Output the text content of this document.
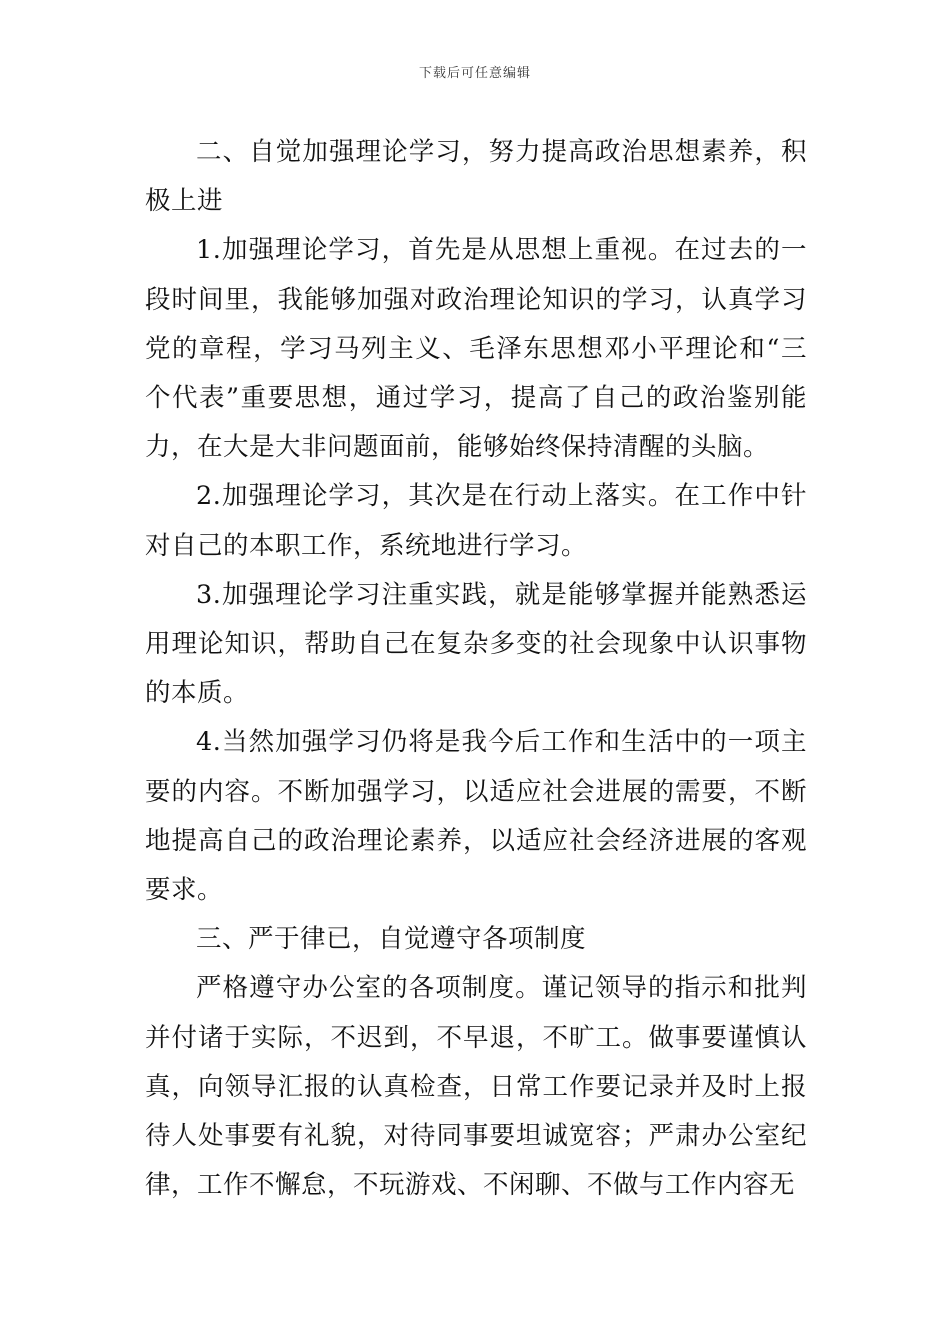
下载后可任意编辑

二、自觉加强理论学习，努力提高政治思想素养，积极上进

1.加强理论学习，首先是从思想上重视。在过去的一段时间里，我能够加强对政治理论知识的学习，认真学习党的章程，学习马列主义、毛泽东思想邓小平理论和“三个代表”重要思想，通过学习，提高了自己的政治鉴别能力，在大是大非问题面前，能够始终保持清醒的头脑。

2.加强理论学习，其次是在行动上落实。在工作中针对自己的本职工作，系统地进行学习。

3.加强理论学习注重实践，就是能够掌握并能熟悉运用理论知识，帮助自己在复杂多变的社会现象中认识事物的本质。

4.当然加强学习仍将是我今后工作和生活中的一项主要的内容。不断加强学习，以适应社会进展的需要，不断地提高自己的政治理论素养，以适应社会经济进展的客观要求。

三、严于律已，自觉遵守各项制度

严格遵守办公室的各项制度。谨记领导的指示和批判并付诸于实际，不迟到，不早退，不旷工。做事要谨慎认真，向领导汇报的认真检查，日常工作要记录并及时上报待人处事要有礼貌，对待同事要坦诚宽容；严肃办公室纪律，工作不懈怠，不玩游戏、不闲聊、不做与工作内容无
